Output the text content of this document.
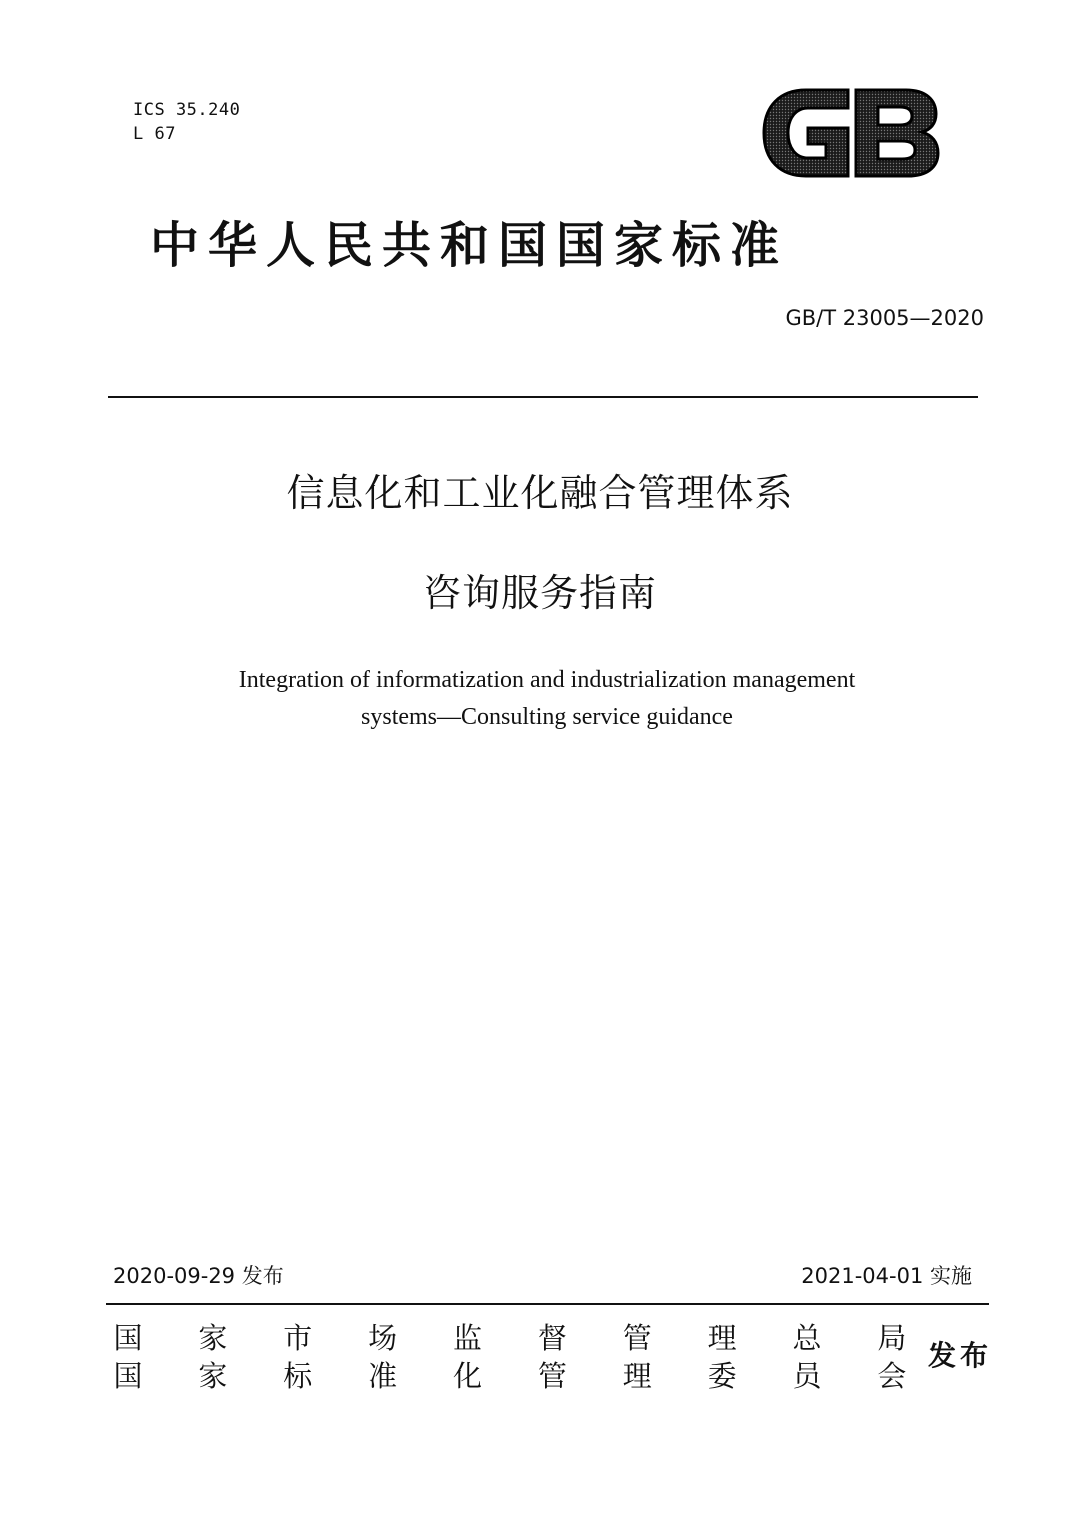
ICS 35.240
L 67
中华人民共和国国家标准
GB/T 23005—2020
信息化和工业化融合管理体系
咨询服务指南
Integration of informatization and industrialization management
systems—Consulting service guidance
2020-09-29 发布	2021-04-01 实施
国 家 市 场 监 督 管 理 总 局
国 家 标 准 化 管 理 委 员 会
发布
